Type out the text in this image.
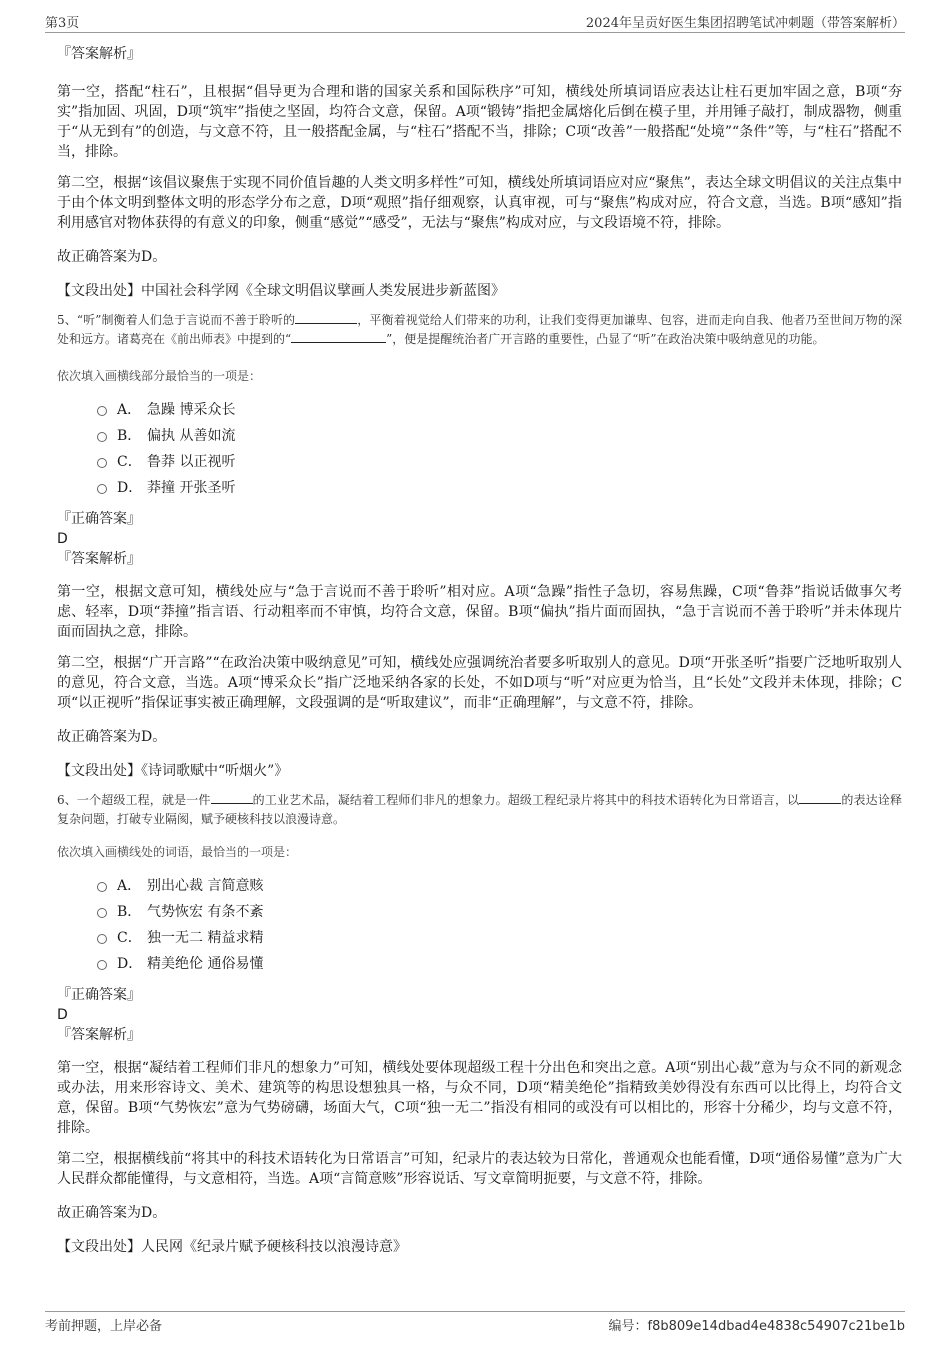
第3页	2024年呈贡好医生集团招聘笔试冲刺题（带答案解析）

『答案解析』

第一空，搭配“柱石”，且根据“倡导更为合理和谐的国家关系和国际秩序”可知，横线处所填词语应表达让柱石更加牢固之意，B项“夯实”指加固、巩固，D项“筑牢”指使之坚固，均符合文意，保留。A项“锻铸”指把金属熔化后倒在模子里，并用锤子敲打，制成器物，侧重于“从无到有”的创造，与文意不符，且一般搭配金属，与“柱石”搭配不当，排除；C项“改善”一般搭配“处境”“条件”等，与“柱石”搭配不当，排除。

第二空，根据“该倡议聚焦于实现不同价值旨趣的人类文明多样性”可知，横线处所填词语应对应“聚焦”，表达全球文明倡议的关注点集中于由个体文明到整体文明的形态学分布之意，D项“观照”指仔细观察，认真审视，可与“聚焦”构成对应，符合文意，当选。B项“感知”指利用感官对物体获得的有意义的印象，侧重“感觉”“感受”，无法与“聚焦”构成对应，与文段语境不符，排除。

故正确答案为D。

【文段出处】中国社会科学网《全球文明倡议擘画人类发展进步新蓝图》

5、“听”制衡着人们急于言说而不善于聆听的	，平衡着视觉给人们带来的功利，让我们变得更加谦卑、包容，进而走向自我、他者乃至世间万物的深处和远方。诸葛亮在《前出师表》中提到的“	”，便是提醒统治者广开言路的重要性，凸显了“听”在政治决策中吸纳意见的功能。

依次填入画横线部分最恰当的一项是：

A． 急躁 博采众长
B． 偏执 从善如流
C． 鲁莽 以正视听
D． 莽撞 开张圣听

『正确答案』

D

『答案解析』

第一空，根据文意可知，横线处应与“急于言说而不善于聆听”相对应。A项“急躁”指性子急切，容易焦躁，C项“鲁莽”指说话做事欠考虑、轻率，D项“莽撞”指言语、行动粗率而不审慎，均符合文意，保留。B项“偏执”指片面而固执，“急于言说而不善于聆听”并未体现片面而固执之意，排除。

第二空，根据“广开言路”“在政治决策中吸纳意见”可知，横线处应强调统治者要多听取别人的意见。D项“开张圣听”指要广泛地听取别人的意见，符合文意，当选。A项“博采众长”指广泛地采纳各家的长处，不如D项与“听”对应更为恰当，且“长处”文段并未体现，排除；C项“以正视听”指保证事实被正确理解，文段强调的是“听取建议”，而非“正确理解”，与文意不符，排除。

故正确答案为D。

【文段出处】《诗词歌赋中“听烟火”》

6、一个超级工程，就是一件	的工业艺术品，凝结着工程师们非凡的想象力。超级工程纪录片将其中的科技术语转化为日常语言，以	的表达诠释复杂问题，打破专业隔阂，赋予硬核科技以浪漫诗意。

依次填入画横线处的词语，最恰当的一项是：

A． 别出心裁 言简意赅
B． 气势恢宏 有条不紊
C． 独一无二 精益求精
D． 精美绝伦 通俗易懂

『正确答案』

D

『答案解析』

第一空，根据“凝结着工程师们非凡的想象力”可知，横线处要体现超级工程十分出色和突出之意。A项“别出心裁”意为与众不同的新观念或办法，用来形容诗文、美术、建筑等的构思设想独具一格，与众不同，D项“精美绝伦”指精致美妙得没有东西可以比得上，均符合文意，保留。B项“气势恢宏”意为气势磅礴，场面大气，C项“独一无二”指没有相同的或没有可以相比的，形容十分稀少，均与文意不符，排除。

第二空，根据横线前“将其中的科技术语转化为日常语言”可知，纪录片的表达较为日常化，普通观众也能看懂，D项“通俗易懂”意为广大人民群众都能懂得，与文意相符，当选。A项“言简意赅”形容说话、写文章简明扼要，与文意不符，排除。

故正确答案为D。

【文段出处】人民网《纪录片赋予硬核科技以浪漫诗意》

考前押题，上岸必备	编号：f8b809e14dbad4e4838c54907c21be1b
